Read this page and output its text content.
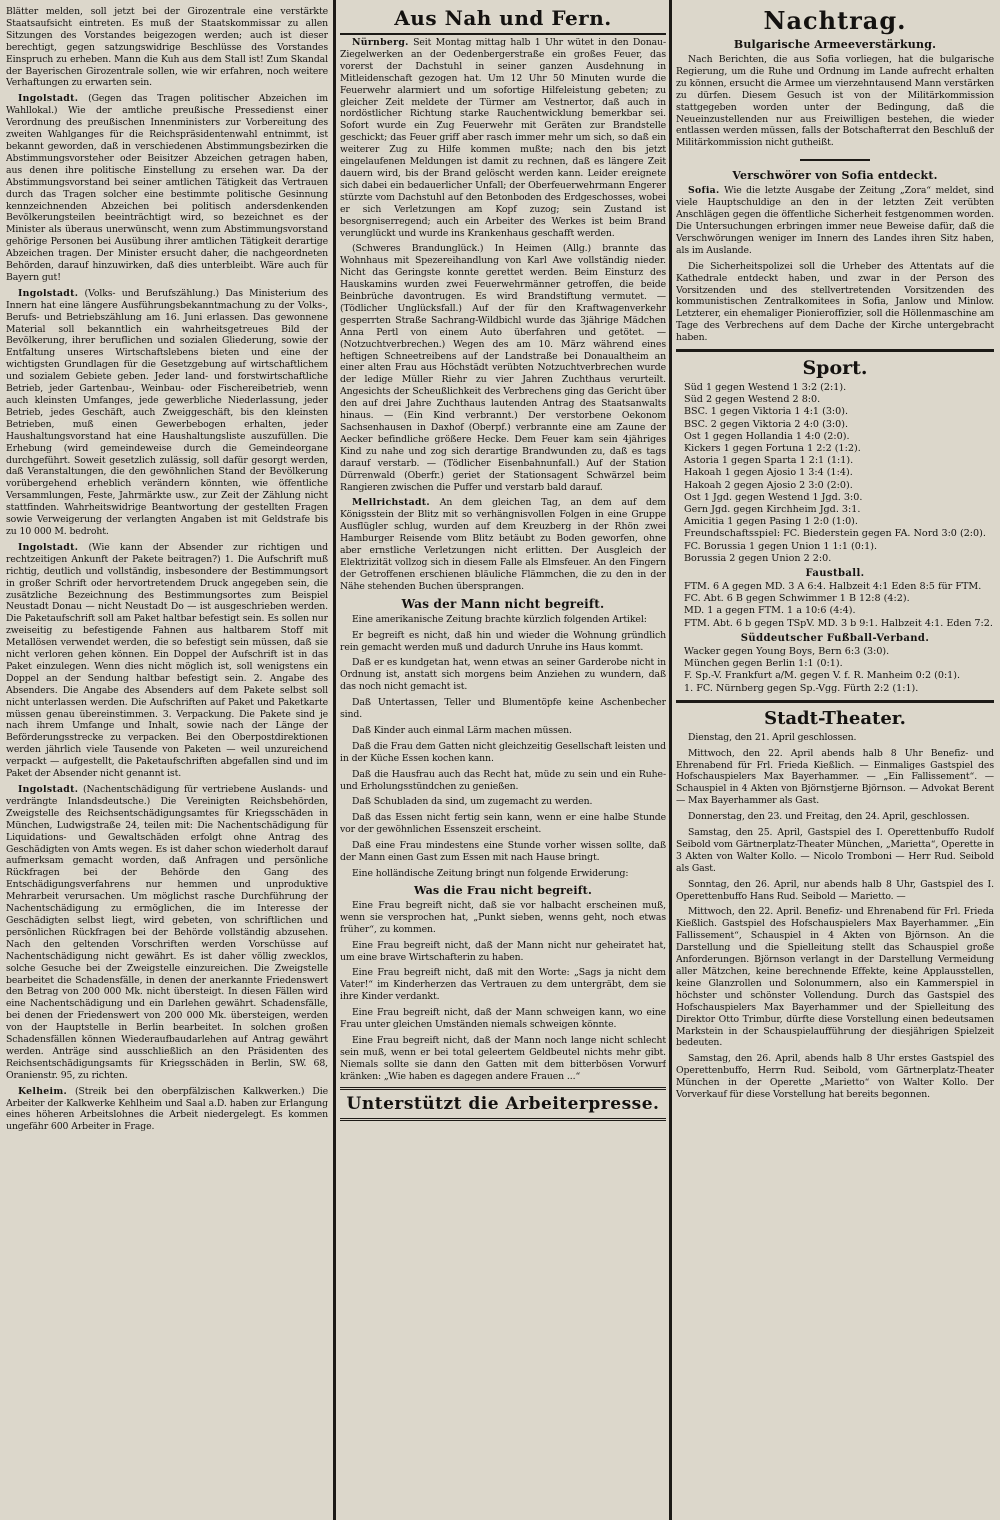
Blätter melden, soll jetzt bei der Girozentrale eine verstärkte Staatsaufsicht eintreten. Es muß der Staatskommissar zu allen Sitzungen des Vorstandes beigezogen werden; auch ist dieser berechtigt, gegen satzungswidrige Beschlüsse des Vorstandes Einspruch zu erheben. Mann die Kuh aus dem Stall ist! Zum Skandal der Bayerischen Girozentrale sollen, wie wir erfahren, noch weitere Verhaftungen zu erwarten sein.

Ingolstadt. (Gegen das Tragen politischer Abzeichen im Wahllokal.) Wie der amtliche preußische Pressedienst einer Verordnung des preußischen Innenministers zur Vorbereitung des zweiten Wahlganges für die Reichspräsidentenwahl entnimmt, ist bekannt geworden, daß in verschiedenen Abstimmungsbezirken die Abstimmungsvorsteher oder Beisitzer Abzeichen getragen haben, aus denen ihre politische Einstellung zu ersehen war. Da der Abstimmungsvorstand bei seiner amtlichen Tätigkeit das Vertrauen durch das Tragen solcher eine bestimmte politische Gesinnung kennzeichnenden Abzeichen bei politisch andersdenkenden Bevölkerungsteilen beeinträchtigt wird, so bezeichnet es der Minister als überaus unerwünscht, wenn zum Abstimmungsvorstand gehörige Personen bei Ausübung ihrer amtlichen Tätigkeit derartige Abzeichen tragen. Der Minister ersucht daher, die nachgeordneten Behörden, darauf hinzuwirken, daß dies unterbleibt. Wäre auch für Bayern gut!

Ingolstadt. (Volks- und Berufszählung.) Das Ministerium des Innern hat eine längere Ausführungsbekanntmachung zu der Volks-, Berufs- und Betriebszählung am 16. Juni erlassen. Das gewonnene Material soll bekanntlich ein wahrheitsgetreues Bild der Bevölkerung, ihrer beruflichen und sozialen Gliederung, sowie der Entfaltung unseres Wirtschaftslebens bieten und eine der wichtigsten Grundlagen für die Gesetzgebung auf wirtschaftlichem und sozialem Gebiete geben. Jeder land- und forstwirtschaftliche Betrieb, jeder Gartenbau-, Weinbau- oder Fischereibetrieb, wenn auch kleinsten Umfanges, jede gewerbliche Niederlassung, jeder Betrieb, jedes Geschäft, auch Zweiggeschäft, bis den kleinsten Betrieben, muß einen Gewerbebogen erhalten, jeder Haushaltungsvorstand hat eine Haushaltungsliste auszufüllen. Die Erhebung (wird gemeindeweise durch die Gemeindeorgane durchgeführt. Soweit gesetzlich zulässig, soll dafür gesorgt werden, daß Veranstaltungen, die den gewöhnlichen Stand der Bevölkerung vorübergehend erheblich verändern könnten, wie öffentliche Versammlungen, Feste, Jahrmärkte usw., zur Zeit der Zählung nicht stattfinden. Wahrheitswidrige Beantwortung der gestellten Fragen sowie Verweigerung der verlangten Angaben ist mit Geldstrafe bis zu 10 000 M. bedroht.

Ingolstadt. (Wie kann der Absender zur richtigen und rechtzeitigen Ankunft der Pakete beitragen?) 1. Die Aufschrift muß richtig, deutlich und vollständig, insbesondere der Bestimmungsort in großer Schrift oder hervortretendem Druck angegeben sein, die zusätzliche Bezeichnung des Bestimmungsortes zum Beispiel Neustadt Donau — nicht Neustadt Do — ist ausgeschrieben werden. Die Paketaufschrift soll am Paket haltbar befestigt sein. Es sollen nur zweiseitig zu befestigende Fahnen aus haltbarem Stoff mit Metallösen verwendet werden, die so befestigt sein müssen, daß sie nicht verloren gehen können. Ein Doppel der Aufschrift ist in das Paket einzulegen. Wenn dies nicht möglich ist, soll wenigstens ein Doppel an der Sendung haltbar befestigt sein. 2. Angabe des Absenders. Die Angabe des Absenders auf dem Pakete selbst soll nicht unterlassen werden. Die Aufschriften auf Paket und Paketkarte müssen genau übereinstimmen. 3. Verpackung. Die Pakete sind je nach ihrem Umfange und Inhalt, sowie nach der Länge der Beförderungsstrecke zu verpacken. Bei den Oberpostdirektionen werden jährlich viele Tausende von Paketen — weil unzureichend verpackt — aufgestellt, die Paketaufschriften abgefallen sind und im Paket der Absender nicht genannt ist.

Ingolstadt. (Nachentschädigung für vertriebene Auslands- und verdrängte Inlandsdeutsche.) Die Vereinigten Reichsbehörden, Zweigstelle des Reichsentschädigungsamtes für Kriegsschäden in München, Ludwigstraße 24, teilen mit: Die Nachentschädigung für Liquidations- und Gewaltschäden erfolgt ohne Antrag des Geschädigten von Amts wegen. Es ist daher schon wiederholt darauf aufmerksam gemacht worden, daß Anfragen und persönliche Rückfragen bei der Behörde den Gang des Entschädigungsverfahrens nur hemmen und unproduktive Mehrarbeit verursachen. Um möglichst rasche Durchführung der Nachentschädigung zu ermöglichen, die im Interesse der Geschädigten selbst liegt, wird gebeten, von schriftlichen und persönlichen Rückfragen bei der Behörde vollständig abzusehen. Nach den geltenden Vorschriften werden Vorschüsse auf Nachentschädigung nicht gewährt. Es ist daher völlig zwecklos, solche Gesuche bei der Zweigstelle einzureichen. Die Zweigstelle bearbeitet die Schadensfälle, in denen der anerkannte Friedenswert den Betrag von 200 000 Mk. nicht übersteigt. In diesen Fällen wird eine Nachentschädigung und ein Darlehen gewährt. Schadensfälle, bei denen der Friedenswert von 200 000 Mk. übersteigen, werden von der Hauptstelle in Berlin bearbeitet. In solchen großen Schadensfällen können Wiederaufbaudarlehen auf Antrag gewährt werden. Anträge sind ausschließlich an den Präsidenten des Reichsentschädigungsamts für Kriegsschäden in Berlin, SW. 68, Oranienstr. 95, zu richten.

Kelheim. (Streik bei den oberpfälzischen Kalkwerken.) Die Arbeiter der Kalkwerke Kehlheim und Saal a.D. haben zur Erlangung eines höheren Arbeitslohnes die Arbeit niedergelegt. Es kommen ungefähr 600 Arbeiter in Frage.

Aus Nah und Fern.

Nürnberg. Seit Montag mittag halb 1 Uhr wütet in den Donau-Ziegelwerken an der Oedenbergerstraße ein großes Feuer, das vorerst der Dachstuhl in seiner ganzen Ausdehnung in Mitleidenschaft gezogen hat. Um 12 Uhr 50 Minuten wurde die Feuerwehr alarmiert und um sofortige Hilfeleistung gebeten; zu gleicher Zeit meldete der Türmer am Vestnertor, daß auch in nordöstlicher Richtung starke Rauchentwicklung bemerkbar sei. Sofort wurde ein Zug Feuerwehr mit Geräten zur Brandstelle geschickt; das Feuer griff aber rasch immer mehr um sich, so daß ein weiterer Zug zu Hilfe kommen mußte; nach den bis jetzt eingelaufenen Meldungen ist damit zu rechnen, daß es längere Zeit dauern wird, bis der Brand gelöscht werden kann. Leider ereignete sich dabei ein bedauerlicher Unfall; der Oberfeuerwehrmann Engerer stürzte vom Dachstuhl auf den Betonboden des Erdgeschosses, wobei er sich Verletzungen am Kopf zuzog; sein Zustand ist besorgniserregend; auch ein Arbeiter des Werkes ist beim Brand verunglückt und wurde ins Krankenhaus geschafft werden.

(Schweres Brandunglück.) In Heimen (Allg.) brannte das Wohnhaus mit Spezereihandlung von Karl Awe vollständig nieder. Nicht das Geringste konnte gerettet werden. Beim Einsturz des Hauskamins wurden zwei Feuerwehrmänner getroffen, die beide Beinbrüche davontrugen. Es wird Brandstiftung vermutet. — (Tödlicher Unglücksfall.) Auf der für den Kraftwagenverkehr gesperrten Straße Sachrang-Wildbichl wurde das 3jährige Mädchen Anna Pertl von einem Auto überfahren und getötet. — (Notzuchtverbrechen.) Wegen des am 10. März während eines heftigen Schneetreibens auf der Landstraße bei Donaualtheim an einer alten Frau aus Höchstädt verübten Notzuchtverbrechen wurde der ledige Müller Riehr zu vier Jahren Zuchthaus verurteilt. Angesichts der Scheußlichkeit des Verbrechens ging das Gericht über den auf drei Jahre Zuchthaus lautenden Antrag des Staatsanwalts hinaus. — (Ein Kind verbrannt.) Der verstorbene Oekonom Sachsenhausen in Daxhof (Oberpf.) verbrannte eine am Zaune der Aecker befindliche größere Hecke. Dem Feuer kam sein 4jähriges Kind zu nahe und zog sich derartige Brandwunden zu, daß es tags darauf verstarb. — (Tödlicher Eisenbahnunfall.) Auf der Station Dürrenwald (Oberfr.) geriet der Stationsagent Schwärzel beim Rangieren zwischen die Puffer und verstarb bald darauf.

Mellrichstadt. An dem gleichen Tag, an dem auf dem Königsstein der Blitz mit so verhängnisvollen Folgen in eine Gruppe Ausflügler schlug, wurden auf dem Kreuzberg in der Rhön zwei Hamburger Reisende vom Blitz betäubt zu Boden geworfen, ohne aber ernstliche Verletzungen nicht erlitten. Der Ausgleich der Elektrizität vollzog sich in diesem Falle als Elmsfeuer. An den Fingern der Getroffenen erschienen bläuliche Flämmchen, die zu den in der Nähe stehenden Buchen übersprangen.

Was der Mann nicht begreift.

Eine amerikanische Zeitung brachte kürzlich folgenden Artikel:

Er begreift es nicht, daß hin und wieder die Wohnung gründlich rein gemacht werden muß und dadurch Unruhe ins Haus kommt.

Daß er es kundgetan hat, wenn etwas an seiner Garderobe nicht in Ordnung ist, anstatt sich morgens beim Anziehen zu wundern, daß das noch nicht gemacht ist.

Daß Untertassen, Teller und Blumentöpfe keine Aschenbecher sind.

Daß Kinder auch einmal Lärm machen müssen.

Daß die Frau dem Gatten nicht gleichzeitig Gesellschaft leisten und in der Küche Essen kochen kann.

Daß die Hausfrau auch das Recht hat, müde zu sein und ein Ruhe- und Erholungsstündchen zu genießen.

Daß Schubladen da sind, um zugemacht zu werden.

Daß das Essen nicht fertig sein kann, wenn er eine halbe Stunde vor der gewöhnlichen Essenszeit erscheint.

Daß eine Frau mindestens eine Stunde vorher wissen sollte, daß der Mann einen Gast zum Essen mit nach Hause bringt.

Eine holländische Zeitung bringt nun folgende Erwiderung:

Was die Frau nicht begreift.

Eine Frau begreift nicht, daß sie vor halbacht erscheinen muß, wenn sie versprochen hat, „Punkt sieben, wenns geht, noch etwas früher“, zu kommen.

Eine Frau begreift nicht, daß der Mann nicht nur geheiratet hat, um eine brave Wirtschafterin zu haben.

Eine Frau begreift nicht, daß mit den Worte: „Sags ja nicht dem Vater!“ im Kinderherzen das Vertrauen zu dem untergräbt, dem sie ihre Kinder verdankt.

Eine Frau begreift nicht, daß der Mann schweigen kann, wo eine Frau unter gleichen Umständen niemals schweigen könnte.

Eine Frau begreift nicht, daß der Mann noch lange nicht schlecht sein muß, wenn er bei total geleertem Geldbeutel nichts mehr gibt. Niemals sollte sie dann den Gatten mit dem bitterbösen Vorwurf kränken: „Wie haben es dagegen andere Frauen ...“

Unterstützt die Arbeiterpresse.
Nachtrag.
Bulgarische Armeeverstärkung.

Nach Berichten, die aus Sofia vorliegen, hat die bulgarische Regierung, um die Ruhe und Ordnung im Lande aufrecht erhalten zu können, ersucht die Armee um vierzehntausend Mann verstärken zu dürfen. Diesem Gesuch ist von der Militärkommission stattgegeben worden unter der Bedingung, daß die Neueinzustellenden nur aus Freiwilligen bestehen, die wieder entlassen werden müssen, falls der Botschafterrat den Beschluß der Militärkommission nicht gutheißt.

Verschwörer von Sofia entdeckt.

Sofia. Wie die letzte Ausgabe der Zeitung „Zora“ meldet, sind viele Hauptschuldige an den in der letzten Zeit verübten Anschlägen gegen die öffentliche Sicherheit festgenommen worden. Die Untersuchungen erbringen immer neue Beweise dafür, daß die Verschwörungen weniger im Innern des Landes ihren Sitz haben, als im Auslande.

Die Sicherheitspolizei soll die Urheber des Attentats auf die Kathedrale entdeckt haben, und zwar in der Person des Vorsitzenden und des stellvertretenden Vorsitzenden des kommunistischen Zentralkomitees in Sofia, Janlow und Minlow. Letzterer, ein ehemaliger Pionieroffizier, soll die Höllenmaschine am Tage des Verbrechens auf dem Dache der Kirche untergebracht haben.

Sport.
Süd 1 gegen Westend 1 3:2 (2:1).
Süd 2 gegen Westend 2 8:0.
BSC. 1 gegen Viktoria 1 4:1 (3:0).
BSC. 2 gegen Viktoria 2 4:0 (3:0).
Ost 1 gegen Hollandia 1 4:0 (2:0).
Kickers 1 gegen Fortuna 1 2:2 (1:2).
Astoria 1 gegen Sparta 1 2:1 (1:1).
Hakoah 1 gegen Ajosio 1 3:4 (1:4).
Hakoah 2 gegen Ajosio 2 3:0 (2:0).
Ost 1 Jgd. gegen Westend 1 Jgd. 3:0.
Gern Jgd. gegen Kirchheim Jgd. 3:1.
Amicitia 1 gegen Pasing 1 2:0 (1:0).
Freundschaftsspiel: FC. Biederstein gegen FA. Nord 3:0 (2:0).
FC. Borussia 1 gegen Union 1 1:1 (0:1).
Borussia 2 gegen Union 2 2:0.
Faustball.
FTM. 6 A gegen MD. 3 A 6:4. Halbzeit 4:1 Eden 8:5 für FTM.
FC. Abt. 6 B gegen Schwimmer 1 B 12:8 (4:2).
MD. 1 a gegen FTM. 1 a 10:6 (4:4).
FTM. Abt. 6 b gegen TSpV. MD. 3 b 9:1. Halbzeit 4:1. Eden 7:2.
Süddeutscher Fußball-Verband.
Wacker gegen Young Boys, Bern 6:3 (3:0).
München gegen Berlin 1:1 (0:1).
F. Sp.-V. Frankfurt a/M. gegen V. f. R. Manheim 0:2 (0:1).
1. FC. Nürnberg gegen Sp.-Vgg. Fürth 2:2 (1:1).
Stadt-Theater.

Dienstag, den 21. April geschlossen.

Mittwoch, den 22. April abends halb 8 Uhr Benefiz- und Ehrenabend für Frl. Frieda Kießlich. — Einmaliges Gastspiel des Hofschauspielers Max Bayerhammer. — „Ein Fallissement“. — Schauspiel in 4 Akten von Björnstjerne Björnson. — Advokat Berent — Max Bayerhammer als Gast.

Donnerstag, den 23. und Freitag, den 24. April, geschlossen.

Samstag, den 25. April, Gastspiel des I. Operettenbuffo Rudolf Seibold vom Gärtnerplatz-Theater München, „Marietta“, Operette in 3 Akten von Walter Kollo. — Nicolo Tromboni — Herr Rud. Seibold als Gast.

Sonntag, den 26. April, nur abends halb 8 Uhr, Gastspiel des I. Operettenbuffo Hans Rud. Seibold — Marietto. —

Mittwoch, den 22. April. Benefiz- und Ehrenabend für Frl. Frieda Kießlich. Gastspiel des Hofschauspielers Max Bayerhammer. „Ein Fallissement“, Schauspiel in 4 Akten von Björnson. An die Darstellung und die Spielleitung stellt das Schauspiel große Anforderungen. Björnson verlangt in der Darstellung Vermeidung aller Mätzchen, keine berechnende Effekte, keine Applausstellen, keine Glanzrollen und Solonummern, also ein Kammerspiel in höchster und schönster Vollendung. Durch das Gastspiel des Hofschauspielers Max Bayerhammer und der Spielleitung des Direktor Otto Trimbur, dürfte diese Vorstellung einen bedeutsamen Markstein in der Schauspielaufführung der diesjährigen Spielzeit bedeuten.

Samstag, den 26. April, abends halb 8 Uhr erstes Gastspiel des Operettenbuffo, Herrn Rud. Seibold, vom Gärtnerplatz-Theater München in der Operette „Marietto“ von Walter Kollo. Der Vorverkauf für diese Vorstellung hat bereits begonnen.
